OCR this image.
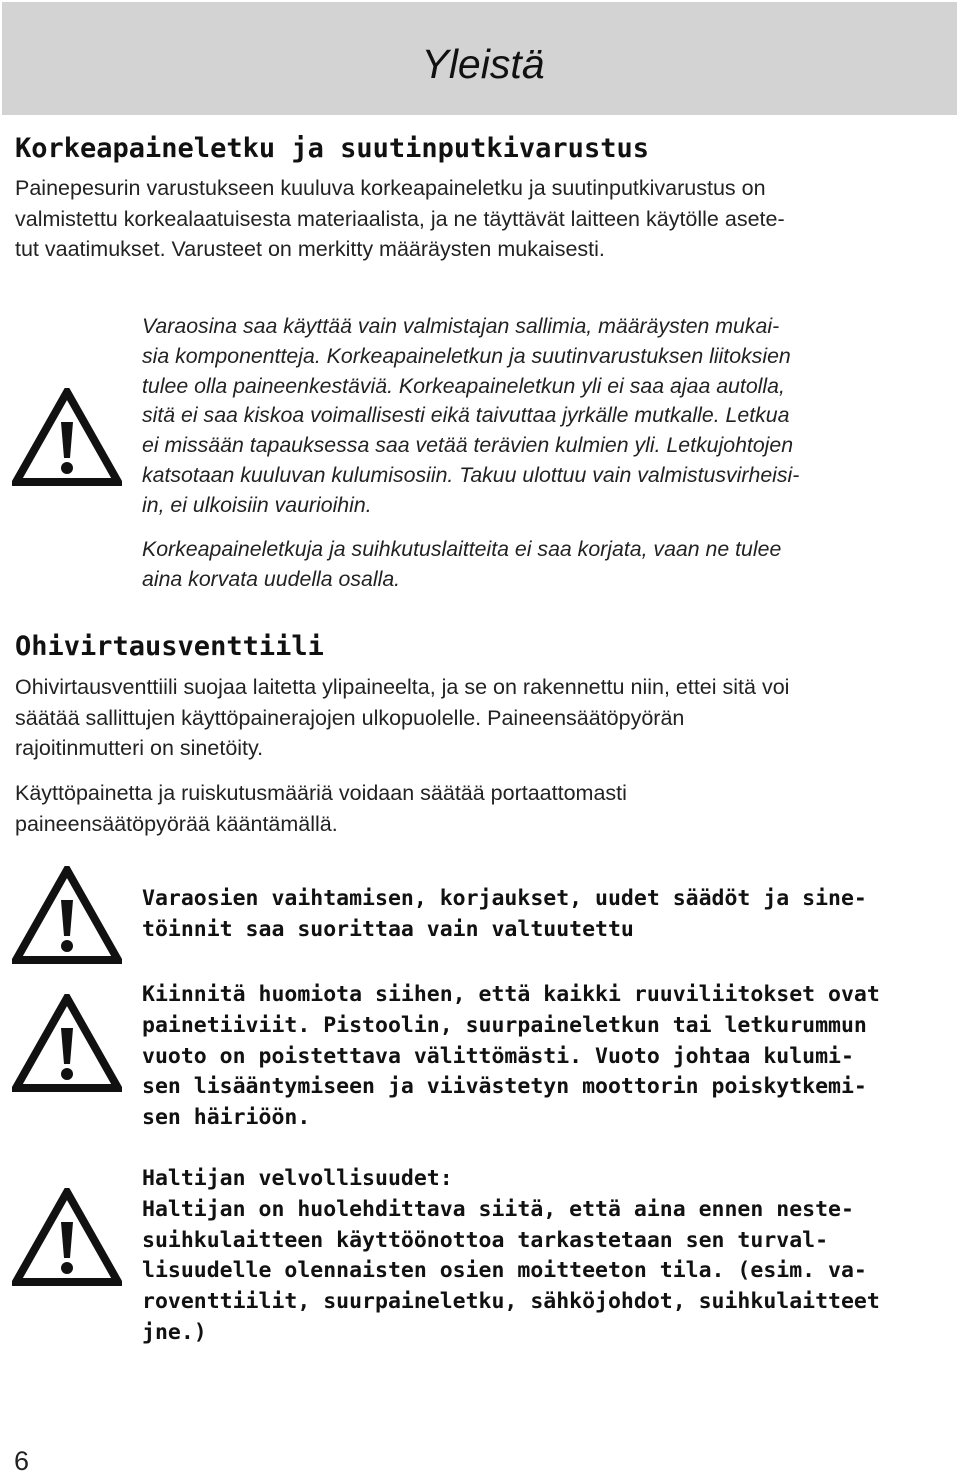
Yleistä
Korkeapaineletku ja suutinputkivarustus
Painepesurin varustukseen kuuluva korkeapaineletku ja suutinputkivarustus on
valmistettu korkealaatuisesta materiaalista, ja ne täyttävät laitteen käytölle asete-
tut vaatimukset. Varusteet on merkitty määräysten mukaisesti.
Varaosina saa käyttää vain valmistajan sallimia, määräysten mukai-
sia komponentteja. Korkeapaineletkun ja suutinvarustuksen liitoksien
tulee olla paineenkestäviä. Korkeapaineletkun yli ei saa ajaa autolla,
sitä ei saa kiskoa voimallisesti eikä taivuttaa jyrkälle mutkalle. Letkua
ei missään tapauksessa saa vetää terävien kulmien yli. Letkujohtojen
katsotaan kuuluvan kulumisosiin. Takuu ulottuu vain valmistusvirheisi-
in, ei ulkoisiin vaurioihin.
Korkeapaineletkuja ja suihkutuslaitteita ei saa korjata, vaan ne tulee
aina korvata uudella osalla.
Ohivirtausventtiili
Ohivirtausventtiili suojaa laitetta ylipaineelta, ja se on rakennettu niin, ettei sitä voi
säätää sallittujen käyttöpainerajojen ulkopuolelle. Paineensäätöpyörän
rajoitinmutteri on sinetöity.
Käyttöpainetta ja ruiskutusmääriä voidaan säätää portaattomasti
paineensäätöpyörää kääntämällä.
Varaosien vaihtamisen, korjaukset, uudet säädöt ja sine-
töinnit saa suorittaa vain valtuutettu
Kiinnitä huomiota siihen, että kaikki ruuviliitokset ovat
painetiiviit. Pistoolin, suurpaineletkun tai letkurummun
vuoto on poistettava välittömästi. Vuoto johtaa kulumi-
sen lisääntymiseen ja viivästetyn moottorin poiskytkemi-
sen häiriöön.
Haltijan velvollisuudet:
Haltijan on huolehdittava siitä, että aina ennen neste-
suihkulaitteen käyttöönottoa tarkastetaan sen turval-
lisuudelle olennaisten osien moitteeton tila. (esim. va-
roventtiilit, suurpaineletku, sähköjohdot, suihkulaitteet
jne.)
6
